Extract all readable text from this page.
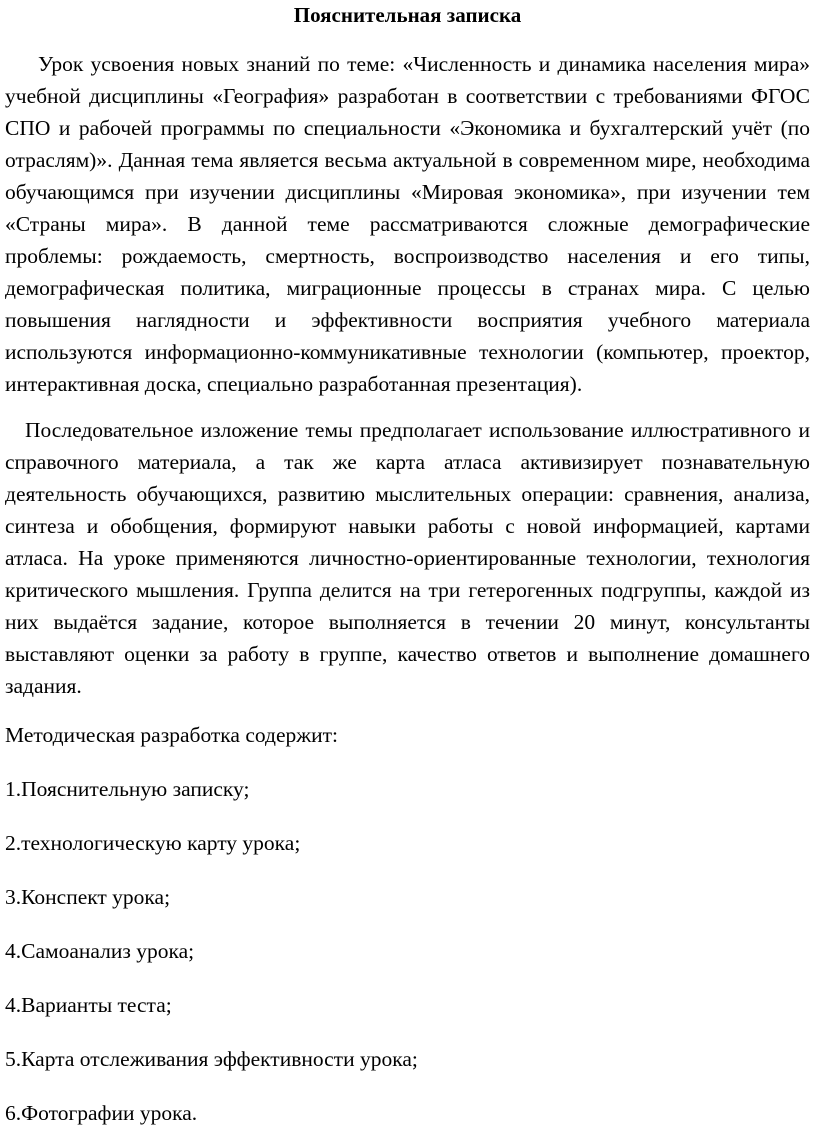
Пояснительная записка

Урок усвоения новых знаний по теме: «Численность и динамика населения мира» учебной дисциплины «География» разработан в соответствии с требованиями ФГОС СПО и рабочей программы по специальности «Экономика и бухгалтерский учёт (по отраслям)». Данная тема является весьма актуальной в современном мире, необходима обучающимся при изучении дисциплины «Мировая экономика», при изучении тем «Страны мира». В данной теме рассматриваются сложные демографические проблемы: рождаемость, смертность, воспроизводство населения и его типы, демографическая политика, миграционные процессы в странах мира. С целью повышения наглядности и эффективности восприятия учебного материала используются информационно-коммуникативные технологии (компьютер, проектор, интерактивная доска, специально разработанная презентация).

Последовательное изложение темы предполагает использование иллюстративного и справочного материала, а так же карта атласа активизирует познавательную деятельность обучающихся, развитию мыслительных операции: сравнения, анализа, синтеза и обобщения, формируют навыки работы с новой информацией, картами атласа. На уроке применяются личностно-ориентированные технологии, технология критического мышления. Группа делится на три гетерогенных подгруппы, каждой из них выдаётся задание, которое выполняется в течении 20 минут, консультанты выставляют оценки за работу в группе, качество ответов и выполнение домашнего задания.

Методическая разработка содержит:

1.Пояснительную записку;
2.технологическую карту урока;
3.Конспект урока;
4.Самоанализ урока;
4.Варианты теста;
5.Карта отслеживания эффективности урока;
6.Фотографии урока.
